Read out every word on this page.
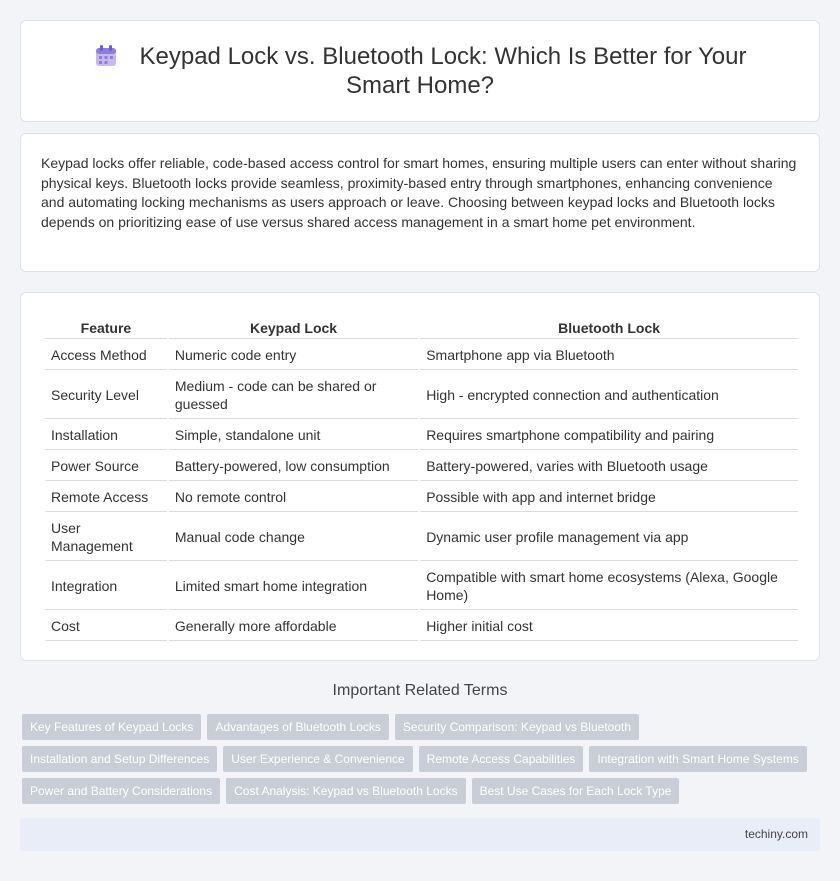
Keypad Lock vs. Bluetooth Lock: Which Is Better for Your Smart Home?

Keypad locks offer reliable, code-based access control for smart homes, ensuring multiple users can enter without sharing physical keys. Bluetooth locks provide seamless, proximity-based entry through smartphones, enhancing convenience and automating locking mechanisms as users approach or leave. Choosing between keypad locks and Bluetooth locks depends on prioritizing ease of use versus shared access management in a smart home pet environment.

Feature	Keypad Lock	Bluetooth Lock
Access Method	Numeric code entry	Smartphone app via Bluetooth
Security Level	Medium - code can be shared or guessed	High - encrypted connection and authentication
Installation	Simple, standalone unit	Requires smartphone compatibility and pairing
Power Source	Battery-powered, low consumption	Battery-powered, varies with Bluetooth usage
Remote Access	No remote control	Possible with app and internet bridge
User Management	Manual code change	Dynamic user profile management via app
Integration	Limited smart home integration	Compatible with smart home ecosystems (Alexa, Google Home)
Cost	Generally more affordable	Higher initial cost
Important Related Terms
Key Features of Keypad Locks	Advantages of Bluetooth Locks	Security Comparison: Keypad vs Bluetooth
Installation and Setup Differences	User Experience & Convenience	Remote Access Capabilities	Integration with Smart Home Systems
Power and Battery Considerations	Cost Analysis: Keypad vs Bluetooth Locks	Best Use Cases for Each Lock Type
techiny.com
